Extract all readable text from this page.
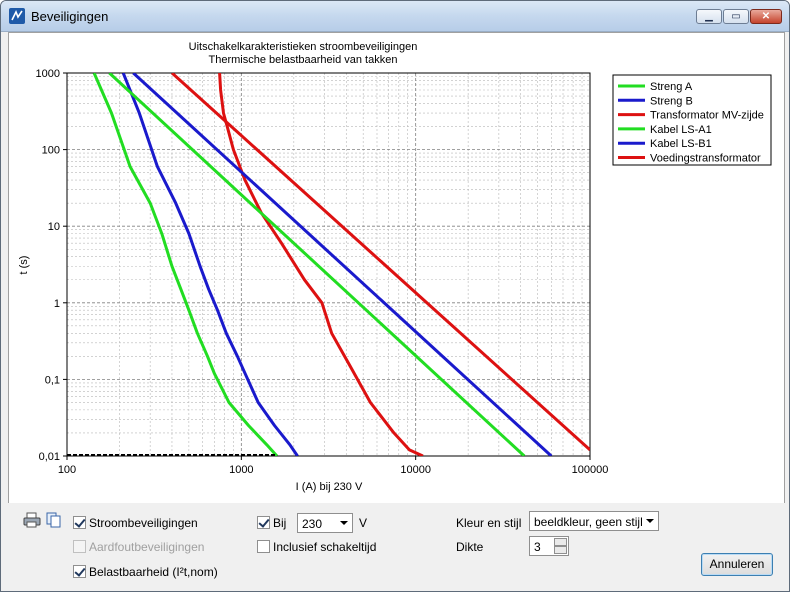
Beveiligingen	▁	▭	✕
Uitschakelkarakteristieken stroombeveiligingen
Thermische belastbaarheid van takken
100	1000	10000	100000
0,01
0,1
1
10
100
1000
I (A) bij 230 V
t (s)
Streng A
Streng B
Transformator MV-zijde
Kabel LS-A1
Kabel LS-B1
Voedingstransformator
Stroombeveiligingen
Aardfoutbeveiligingen
Belastbaarheid (I²t,nom)
Bij 230	V
Inclusief schakeltijd
Kleur en stijl beeldkleur, geen stijl
Dikte	3
Annuleren
